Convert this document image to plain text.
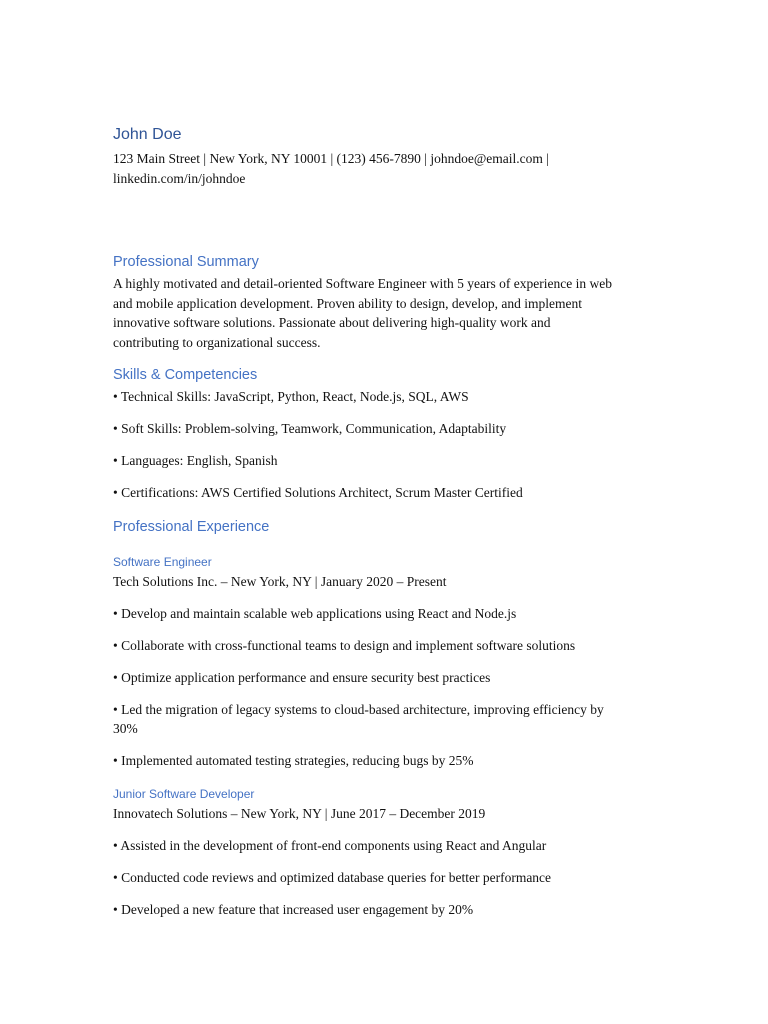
John Doe
123 Main Street | New York, NY 10001 | (123) 456-7890 | johndoe@email.com |
linkedin.com/in/johndoe
Professional Summary
A highly motivated and detail-oriented Software Engineer with 5 years of experience in web
and mobile application development. Proven ability to design, develop, and implement
innovative software solutions. Passionate about delivering high-quality work and
contributing to organizational success.
Skills & Competencies

• Technical Skills: JavaScript, Python, React, Node.js, SQL, AWS

• Soft Skills: Problem-solving, Teamwork, Communication, Adaptability

• Languages: English, Spanish

• Certifications: AWS Certified Solutions Architect, Scrum Master Certified

Professional Experience
Software Engineer

Tech Solutions Inc. – New York, NY | January 2020 – Present

• Develop and maintain scalable web applications using React and Node.js

• Collaborate with cross-functional teams to design and implement software solutions

• Optimize application performance and ensure security best practices

• Led the migration of legacy systems to cloud-based architecture, improving efficiency by

30%

• Implemented automated testing strategies, reducing bugs by 25%

Junior Software Developer

Innovatech Solutions – New York, NY | June 2017 – December 2019

• Assisted in the development of front-end components using React and Angular

• Conducted code reviews and optimized database queries for better performance

• Developed a new feature that increased user engagement by 20%
